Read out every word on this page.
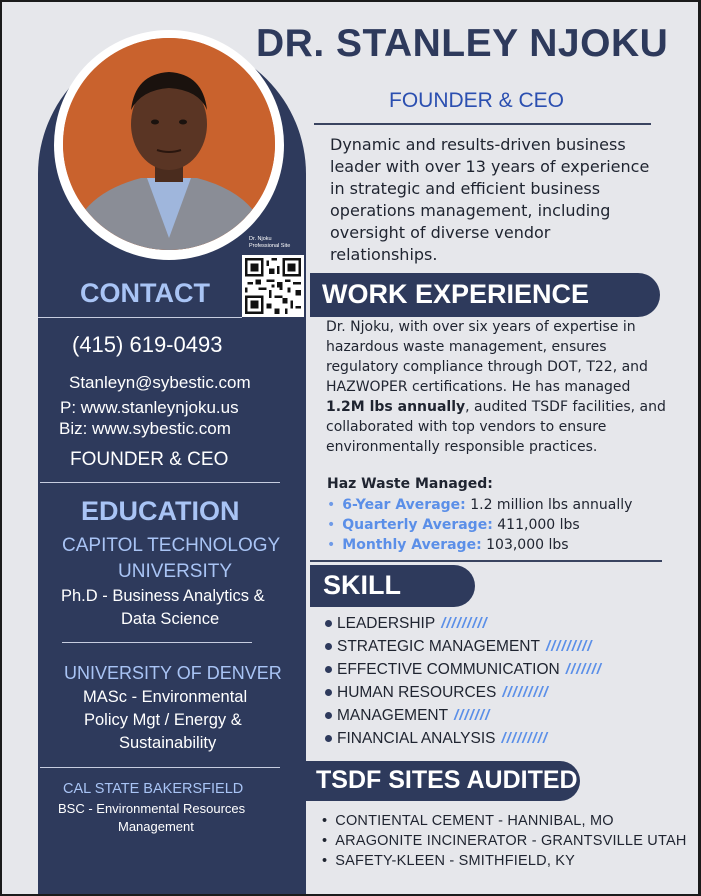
Dr. Njoku
Professional Site
CONTACT
(415) 619-0493
Stanleyn@sybestic.com
P: www.stanleynjoku.us
Biz: www.sybestic.com
FOUNDER & CEO
EDUCATION
CAPITOL TECHNOLOGY
UNIVERSITY
Ph.D - Business Analytics &
Data Science
UNIVERSITY OF DENVER
MASc - Environmental
Policy Mgt / Energy &
Sustainability
CAL STATE BAKERSFIELD
BSC - Environmental Resources
Management
DR. STANLEY NJOKU
FOUNDER & CEO
Dynamic and results-driven business leader with over 13 years of experience in strategic and efficient business operations management, including oversight of diverse vendor relationships.
WORK EXPERIENCE
Dr. Njoku, with over six years of expertise in hazardous waste management, ensures regulatory compliance through DOT, T22, and HAZWOPER certifications. He has managed 1.2M lbs annually, audited TSDF facilities, and collaborated with top vendors to ensure environmentally responsible practices.
Haz Waste Managed:
• 6-Year Average: 1.2 million lbs annually
• Quarterly Average: 411,000 lbs
• Monthly Average: 103,000 lbs
SKILL
LEADERSHIP /////////
STRATEGIC MANAGEMENT /////////
EFFECTIVE COMMUNICATION ///////
HUMAN RESOURCES /////////
MANAGEMENT ///////
FINANCIAL ANALYSIS /////////
TSDF SITES AUDITED
• CONTIENTAL CEMENT - HANNIBAL, MO
• ARAGONITE INCINERATOR - GRANTSVILLE UTAH
• SAFETY-KLEEN - SMITHFIELD, KY
